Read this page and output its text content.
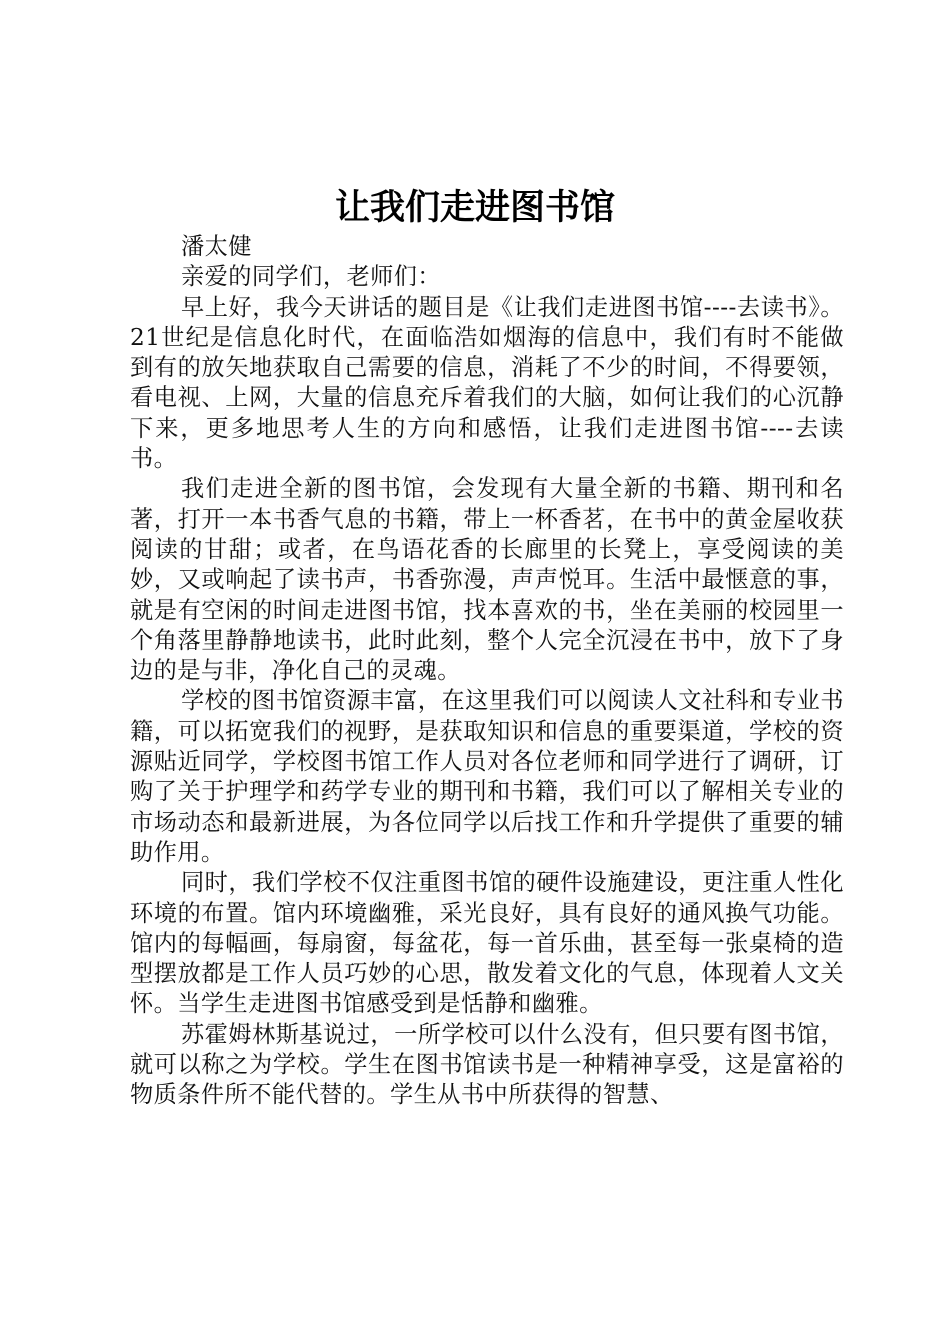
让我们走进图书馆

潘太健

亲爱的同学们，老师们：

早上好，我今天讲话的题目是《让我们走进图书馆----去读书》。21世纪是信息化时代，在面临浩如烟海的信息中，我们有时不能做到有的放矢地获取自己需要的信息，消耗了不少的时间，不得要领，看电视、上网，大量的信息充斥着我们的大脑，如何让我们的心沉静下来，更多地思考人生的方向和感悟，让我们走进图书馆----去读书。

我们走进全新的图书馆，会发现有大量全新的书籍、期刊和名著，打开一本书香气息的书籍，带上一杯香茗，在书中的黄金屋收获阅读的甘甜；或者，在鸟语花香的长廊里的长凳上，享受阅读的美妙，又或响起了读书声，书香弥漫，声声悦耳。生活中最惬意的事，就是有空闲的时间走进图书馆，找本喜欢的书，坐在美丽的校园里一个角落里静静地读书，此时此刻，整个人完全沉浸在书中，放下了身边的是与非，净化自己的灵魂。

学校的图书馆资源丰富，在这里我们可以阅读人文社科和专业书籍，可以拓宽我们的视野，是获取知识和信息的重要渠道，学校的资源贴近同学，学校图书馆工作人员对各位老师和同学进行了调研，订购了关于护理学和药学专业的期刊和书籍，我们可以了解相关专业的市场动态和最新进展，为各位同学以后找工作和升学提供了重要的辅助作用。

同时，我们学校不仅注重图书馆的硬件设施建设，更注重人性化环境的布置。馆内环境幽雅，采光良好，具有良好的通风换气功能。馆内的每幅画，每扇窗，每盆花，每一首乐曲，甚至每一张桌椅的造型摆放都是工作人员巧妙的心思，散发着文化的气息，体现着人文关怀。当学生走进图书馆感受到是恬静和幽雅。

苏霍姆林斯基说过，一所学校可以什么没有，但只要有图书馆，就可以称之为学校。学生在图书馆读书是一种精神享受，这是富裕的物质条件所不能代替的。学生从书中所获得的智慧、
